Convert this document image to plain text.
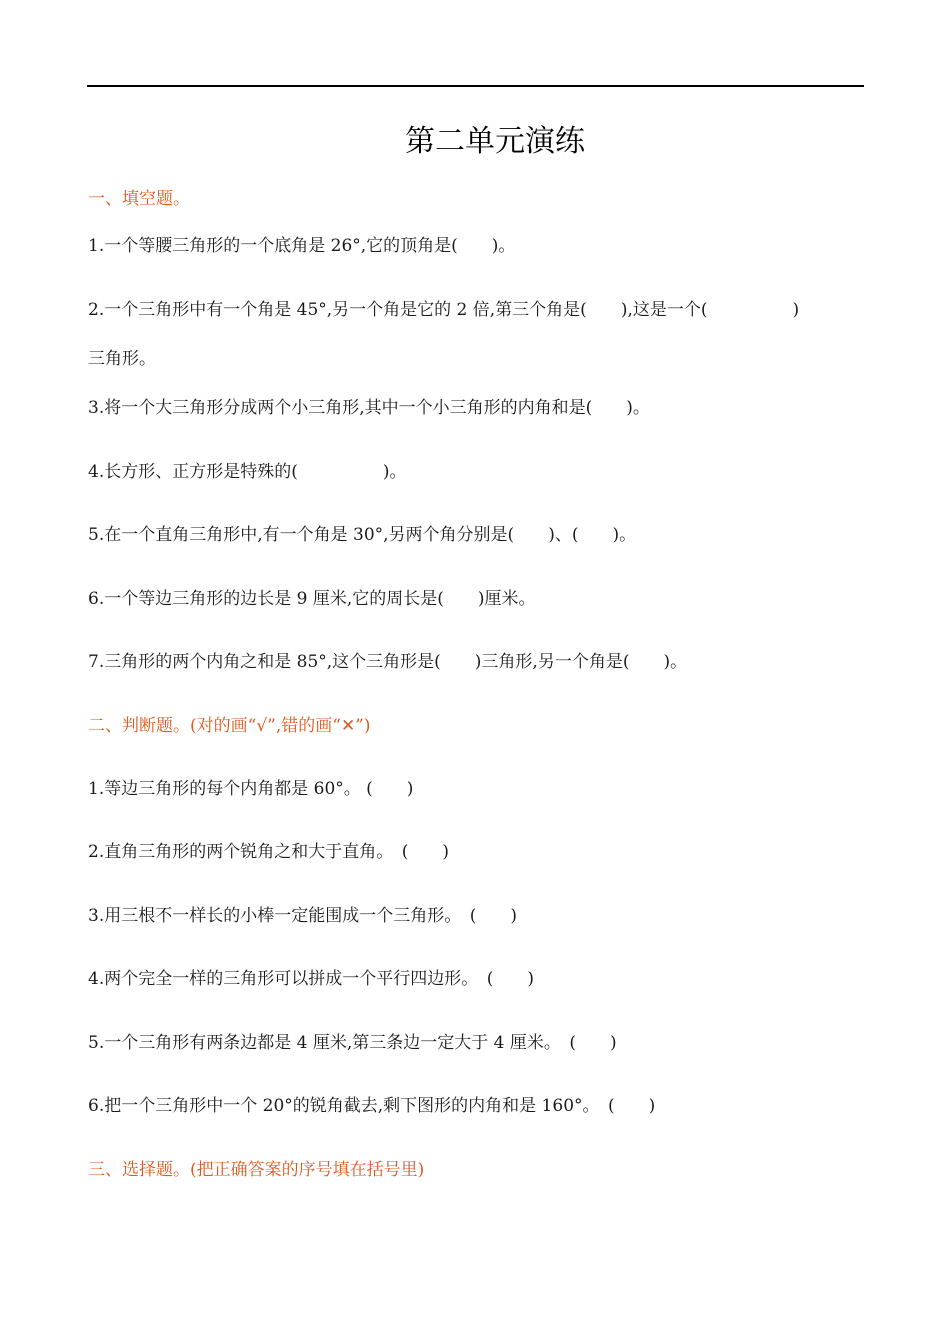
第二单元演练
一、填空题。
1.一个等腰三角形的一个底角是 26°,它的顶角是(　　)。
2.一个三角形中有一个角是 45°,另一个角是它的 2 倍,第三个角是(　　),这是一个(　　　　　)
三角形。
3.将一个大三角形分成两个小三角形,其中一个小三角形的内角和是(　　)。
4.长方形、正方形是特殊的(　　　　　)。
5.在一个直角三角形中,有一个角是 30°,另两个角分别是(　　)、(　　)。
6.一个等边三角形的边长是 9 厘米,它的周长是(　　)厘米。
7.三角形的两个内角之和是 85°,这个三角形是(　　)三角形,另一个角是(　　)。
二、判断题。(对的画“√”,错的画“✕”)
1.等边三角形的每个内角都是 60°。 (　　)
2.直角三角形的两个锐角之和大于直角。　(　　)
3.用三根不一样长的小棒一定能围成一个三角形。　(　　)
4.两个完全一样的三角形可以拼成一个平行四边形。　(　　)
5.一个三角形有两条边都是 4 厘米,第三条边一定大于 4 厘米。　(　　)
6.把一个三角形中一个 20°的锐角截去,剩下图形的内角和是 160°。　(　　)
三、选择题。(把正确答案的序号填在括号里)
